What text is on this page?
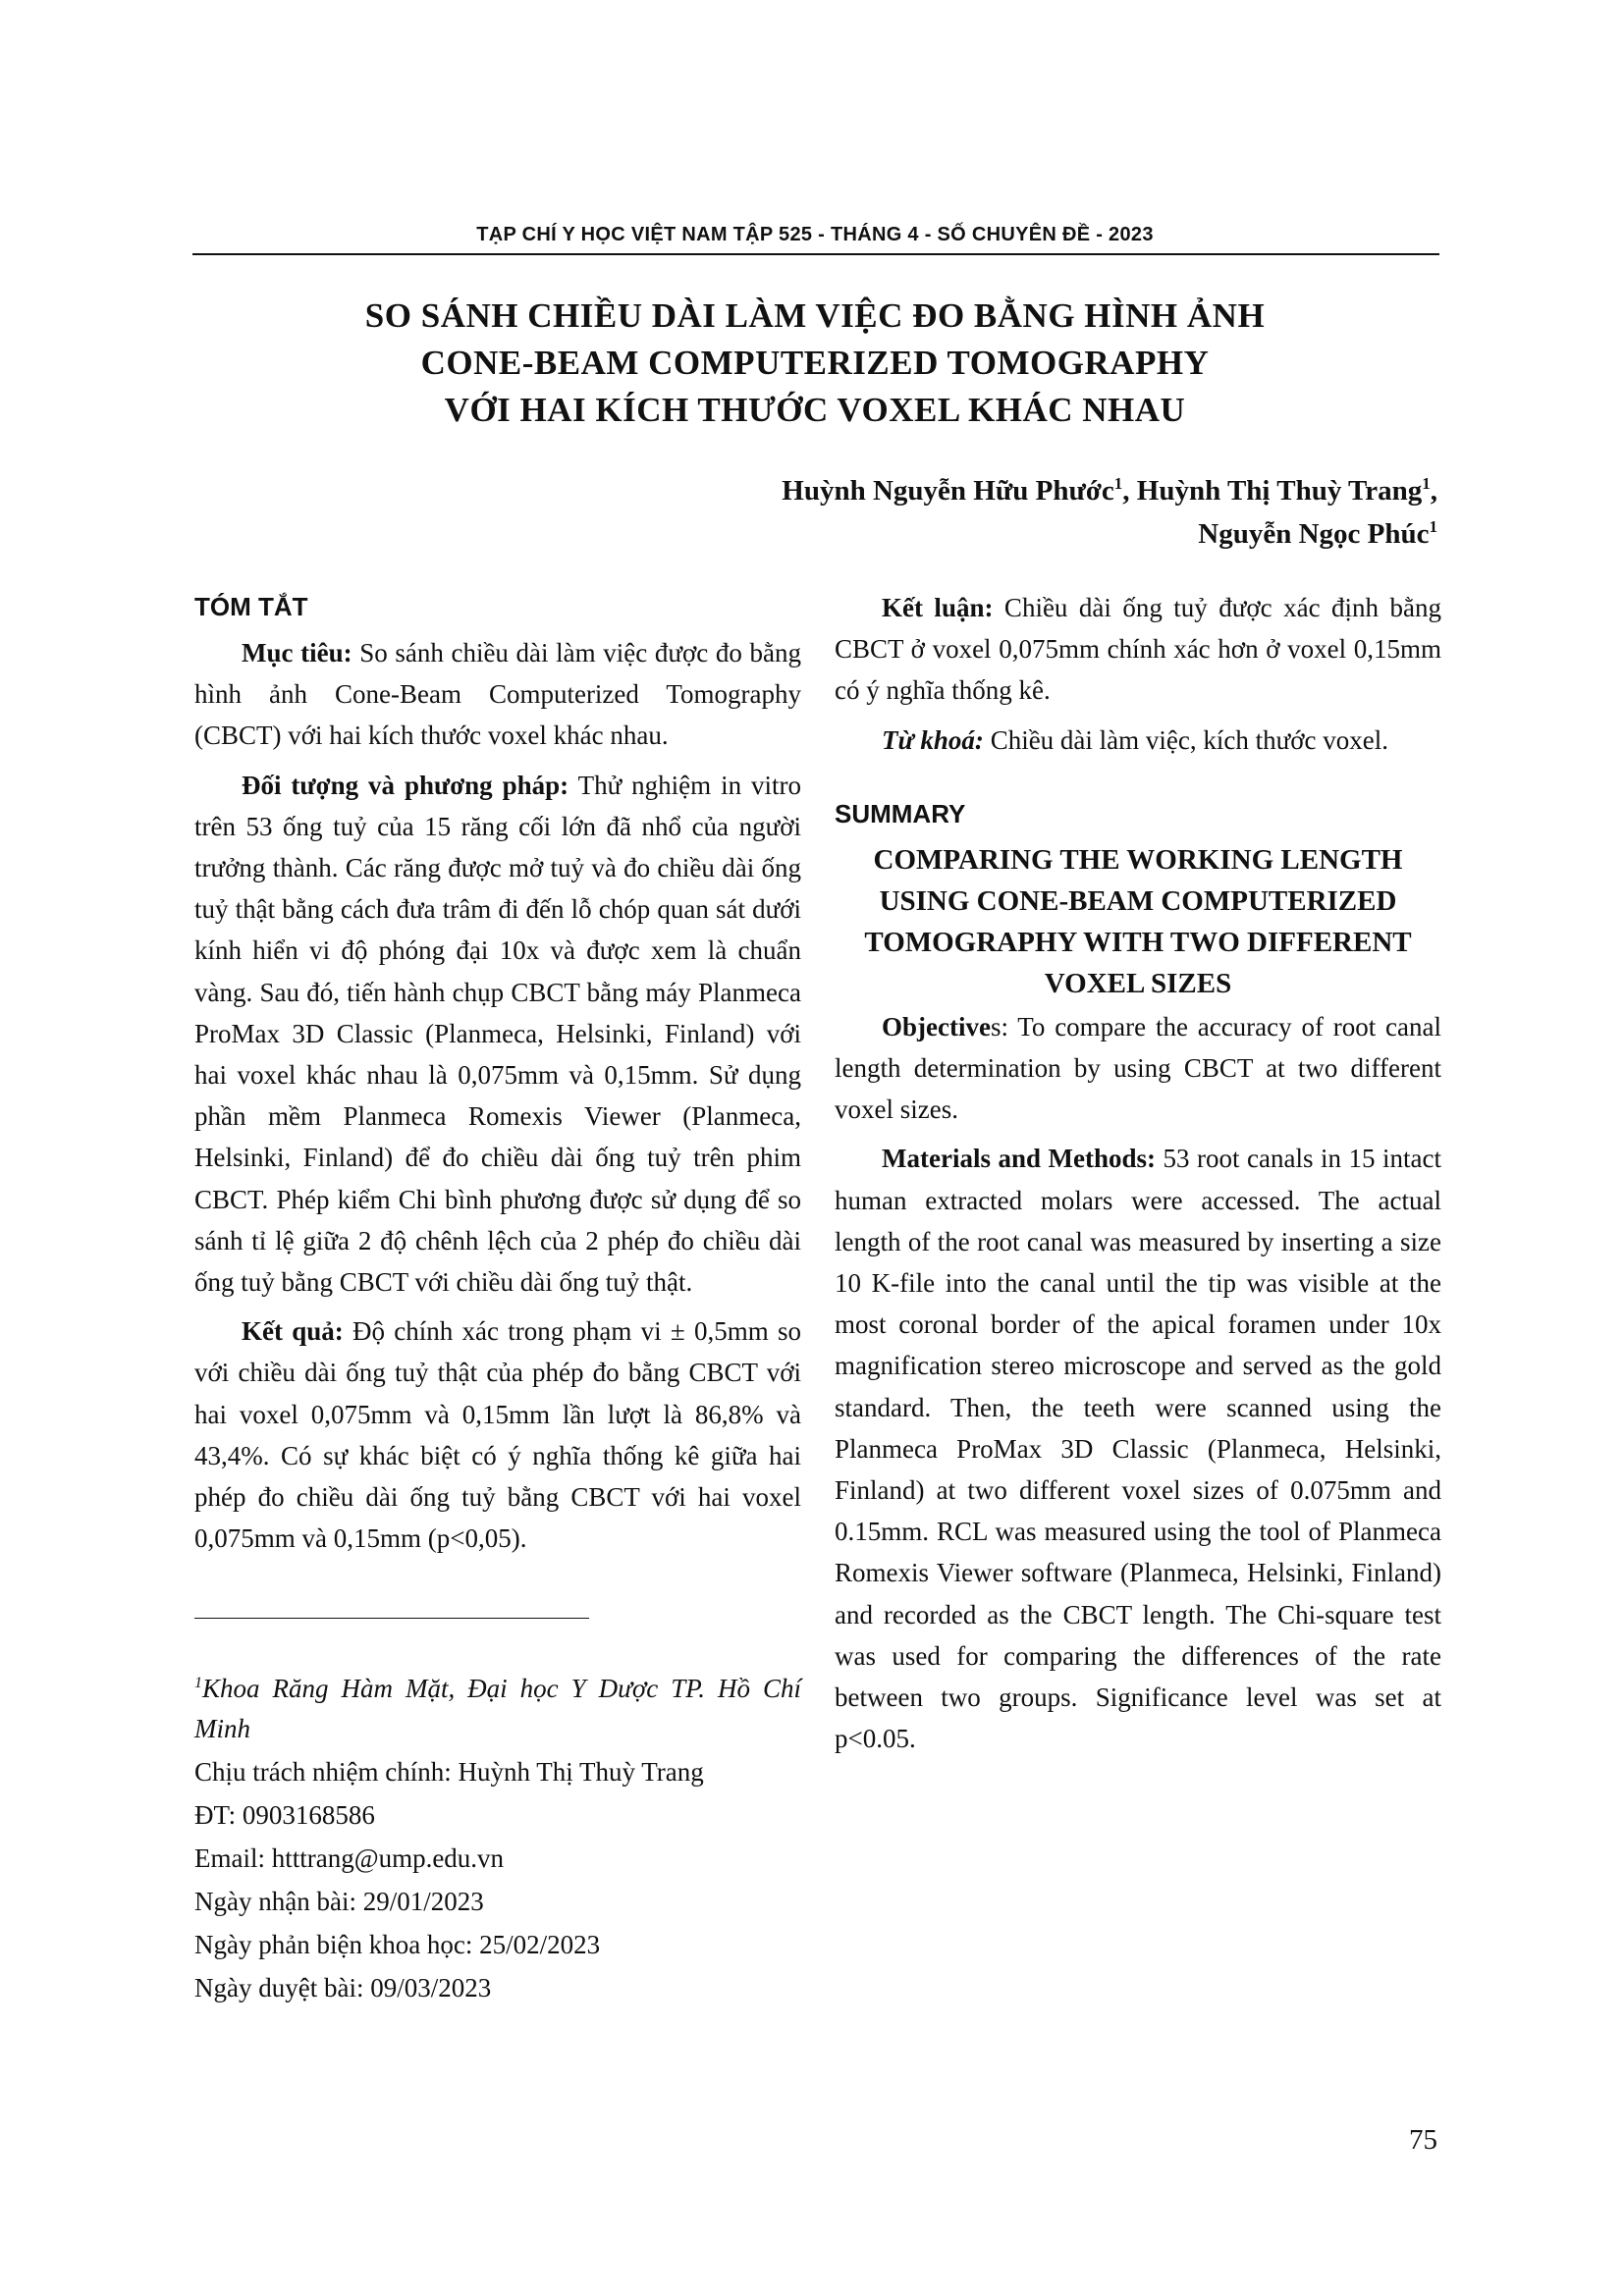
TẠP CHÍ Y HỌC VIỆT NAM TẬP 525 - THÁNG 4 - SỐ CHUYÊN ĐỀ - 2023
SO SÁNH CHIỀU DÀI LÀM VIỆC ĐO BẰNG HÌNH ẢNH
CONE-BEAM COMPUTERIZED TOMOGRAPHY
VỚI HAI KÍCH THƯỚC VOXEL KHÁC NHAU
Huỳnh Nguyễn Hữu Phước$^1$, Huỳnh Thị Thuỳ Trang$^1$,
Nguyễn Ngọc Phúc$^1$
TÓM TẮT

Mục tiêu: So sánh chiều dài làm việc được đo bằng hình ảnh Cone-Beam Computerized Tomography (CBCT) với hai kích thước voxel khác nhau.

Đối tượng và phương pháp: Thử nghiệm in vitro trên 53 ống tuỷ của 15 răng cối lớn đã nhổ của người trưởng thành. Các răng được mở tuỷ và đo chiều dài ống tuỷ thật bằng cách đưa trâm đi đến lỗ chóp quan sát dưới kính hiển vi độ phóng đại 10x và được xem là chuẩn vàng. Sau đó, tiến hành chụp CBCT bằng máy Planmeca ProMax 3D Classic (Planmeca, Helsinki, Finland) với hai voxel khác nhau là 0,075mm và 0,15mm. Sử dụng phần mềm Planmeca Romexis Viewer (Planmeca, Helsinki, Finland) để đo chiều dài ống tuỷ trên phim CBCT. Phép kiểm Chi bình phương được sử dụng để so sánh tỉ lệ giữa 2 độ chênh lệch của 2 phép đo chiều dài ống tuỷ bằng CBCT với chiều dài ống tuỷ thật.

Kết quả: Độ chính xác trong phạm vi ± 0,5mm so với chiều dài ống tuỷ thật của phép đo bằng CBCT với hai voxel 0,075mm và 0,15mm lần lượt là 86,8% và 43,4%. Có sự khác biệt có ý nghĩa thống kê giữa hai phép đo chiều dài ống tuỷ bằng CBCT với hai voxel 0,075mm và 0,15mm (p<0,05).

$^1$Khoa Răng Hàm Mặt, Đại học Y Dược TP. Hồ Chí Minh
Chịu trách nhiệm chính: Huỳnh Thị Thuỳ Trang
ĐT: 0903168586
Email: htttrang@ump.edu.vn
Ngày nhận bài: 29/01/2023
Ngày phản biện khoa học: 25/02/2023
Ngày duyệt bài: 09/03/2023

Kết luận: Chiều dài ống tuỷ được xác định bằng CBCT ở voxel 0,075mm chính xác hơn ở voxel 0,15mm có ý nghĩa thống kê.

Từ khoá: Chiều dài làm việc, kích thước voxel.

SUMMARY
COMPARING THE WORKING LENGTH USING CONE-BEAM COMPUTERIZED TOMOGRAPHY WITH TWO DIFFERENT VOXEL SIZES

Objectives: To compare the accuracy of root canal length determination by using CBCT at two different voxel sizes.

Materials and Methods: 53 root canals in 15 intact human extracted molars were accessed. The actual length of the root canal was measured by inserting a size 10 K-file into the canal until the tip was visible at the most coronal border of the apical foramen under 10x magnification stereo microscope and served as the gold standard. Then, the teeth were scanned using the Planmeca ProMax 3D Classic (Planmeca, Helsinki, Finland) at two different voxel sizes of 0.075mm and 0.15mm. RCL was measured using the tool of Planmeca Romexis Viewer software (Planmeca, Helsinki, Finland) and recorded as the CBCT length. The Chi-square test was used for comparing the differences of the rate between two groups. Significance level was set at p<0.05.

75
